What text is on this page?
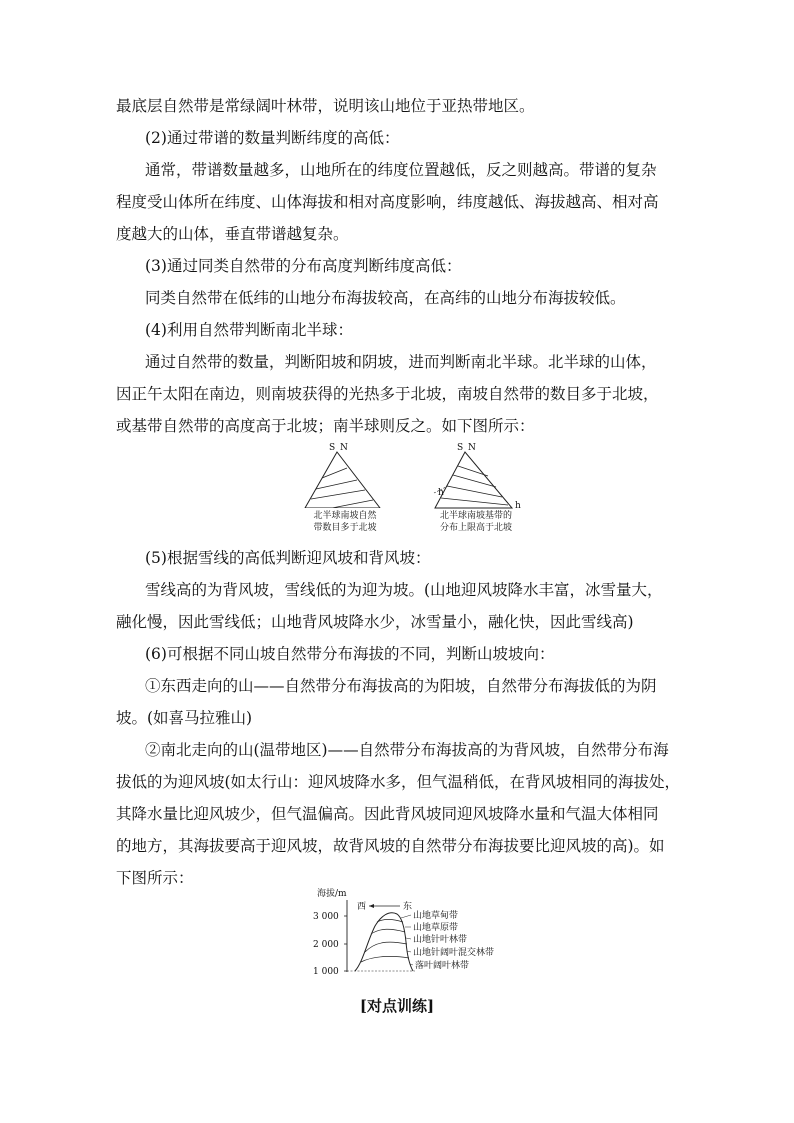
最底层自然带是常绿阔叶林带，说明该山地位于亚热带地区。
(2)通过带谱的数量判断纬度的高低：
通常，带谱数量越多，山地所在的纬度位置越低，反之则越高。带谱的复杂
程度受山体所在纬度、山体海拔和相对高度影响，纬度越低、海拔越高、相对高
度越大的山体，垂直带谱越复杂。
(3)通过同类自然带的分布高度判断纬度高低：
同类自然带在低纬的山地分布海拔较高，在高纬的山地分布海拔较低。
(4)利用自然带判断南北半球：
通过自然带的数量，判断阳坡和阴坡，进而判断南北半球。北半球的山体，
因正午太阳在南边，则南坡获得的光热多于北坡，南坡自然带的数目多于北坡，
或基带自然带的高度高于北坡；南半球则反之。如下图所示：
S N
北半球南坡自然
带数目多于北坡
S N
h
h
北半球南坡基带的
分布上限高于北坡
(5)根据雪线的高低判断迎风坡和背风坡：
雪线高的为背风坡，雪线低的为迎为坡。(山地迎风坡降水丰富，冰雪量大，
融化慢，因此雪线低；山地背风坡降水少，冰雪量小，融化快，因此雪线高)
(6)可根据不同山坡自然带分布海拔的不同，判断山坡坡向：
①东西走向的山——自然带分布海拔高的为阳坡，自然带分布海拔低的为阴
坡。(如喜马拉雅山)
②南北走向的山(温带地区)——自然带分布海拔高的为背风坡，自然带分布海
拔低的为迎风坡(如太行山：迎风坡降水多，但气温稍低，在背风坡相同的海拔处，
其降水量比迎风坡少，但气温偏高。因此背风坡同迎风坡降水量和气温大体相同
的地方，其海拔要高于迎风坡，故背风坡的自然带分布海拔要比迎风坡的高)。如
下图所示：
海拔/m
西	东
3 000
2 000
1 000
山地草甸带
山地草原带
山地针叶林带
山地针阔叶混交林带
落叶阔叶林带
[对点训练]
